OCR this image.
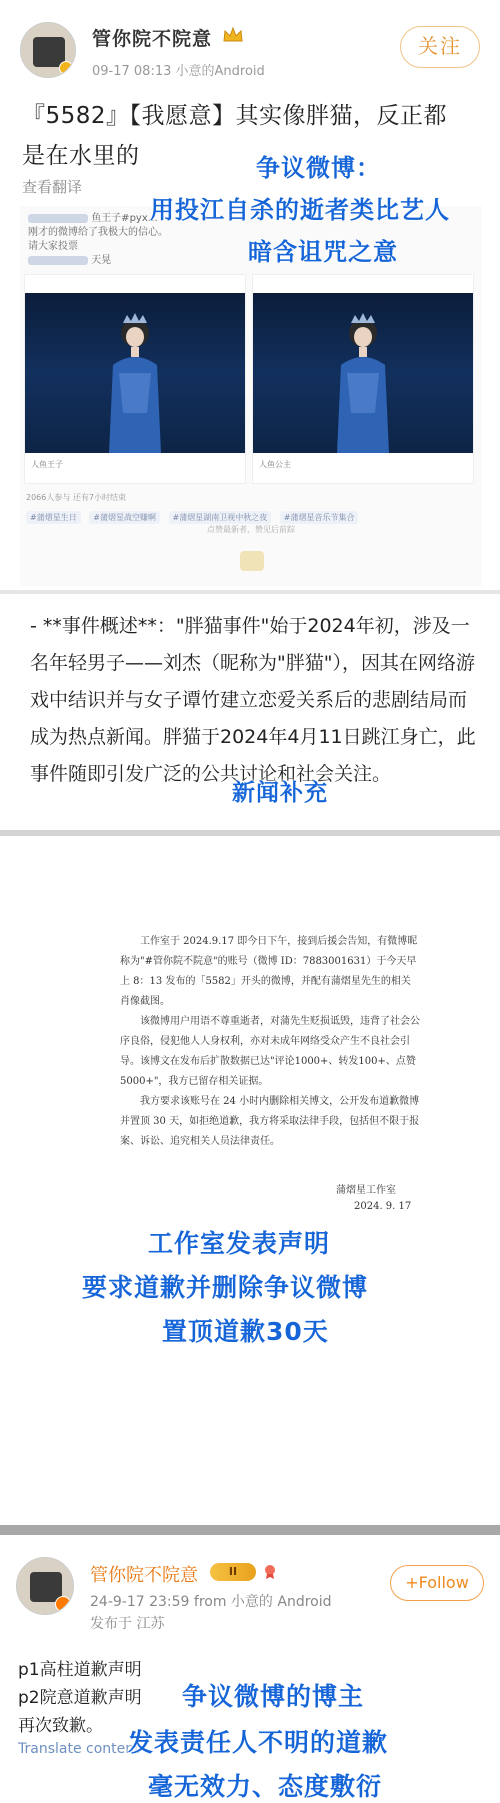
管你院不院意
09-17 08:13 小意的Android
关注
『5582』【我愿意】其实像胖猫，反正都是在水里的
查看翻译
鱼王子#pyx…
刚才的微博给了我极大的信心。
请大家投票
天晃
人鱼王子	人鱼公主
2066人参与 还有7小时结束
#蒲熠星生日 #蒲熠星战空赚啊 #蒲熠星湖南卫视中秋之夜 #蒲熠星音乐节集合
点赞最新者，赞见后前踪
争议微博：
用投江自杀的逝者类比艺人
暗含诅咒之意
- **事件概述**："胖猫事件"始于2024年初，涉及一名年轻男子——刘杰（昵称为"胖猫"），因其在网络游戏中结识并与女子谭竹建立恋爱关系后的悲剧结局而成为热点新闻。胖猫于2024年4月11日跳江身亡，此事件随即引发广泛的公共讨论和社会关注。
新闻补充

工作室于 2024.9.17 即今日下午，接到后援会告知，有微博昵称为"#管你院不院意"的账号（微博 ID：7883001631）于今天早上 8：13 发布的「5582」开头的微博，并配有蒲熠星先生的相关肖像截图。

该微博用户用语不尊重逝者，对蒲先生贬损诋毁，违背了社会公序良俗，侵犯他人人身权利，亦对未成年网络受众产生不良社会引导。该博文在发布后扩散数据已达"评论1000+、转发100+、点赞5000+"，我方已留存相关证据。

我方要求该账号在 24 小时内删除相关博文，公开发布道歉微博并置顶 30 天，如拒绝道歉，我方将采取法律手段，包括但不限于报案、诉讼、追究相关人员法律责任。

蒲熠星工作室
2024. 9. 17
工作室发表声明
要求道歉并删除争议微博
置顶道歉30天
管你院不院意	II
24-9-17 23:59 from 小意的 Android
发布于 江苏
+Follow
p1高柱道歉声明
p2院意道歉声明
再次致歉。
Translate content
争议微博的博主
发表责任人不明的道歉
毫无效力、态度敷衍
